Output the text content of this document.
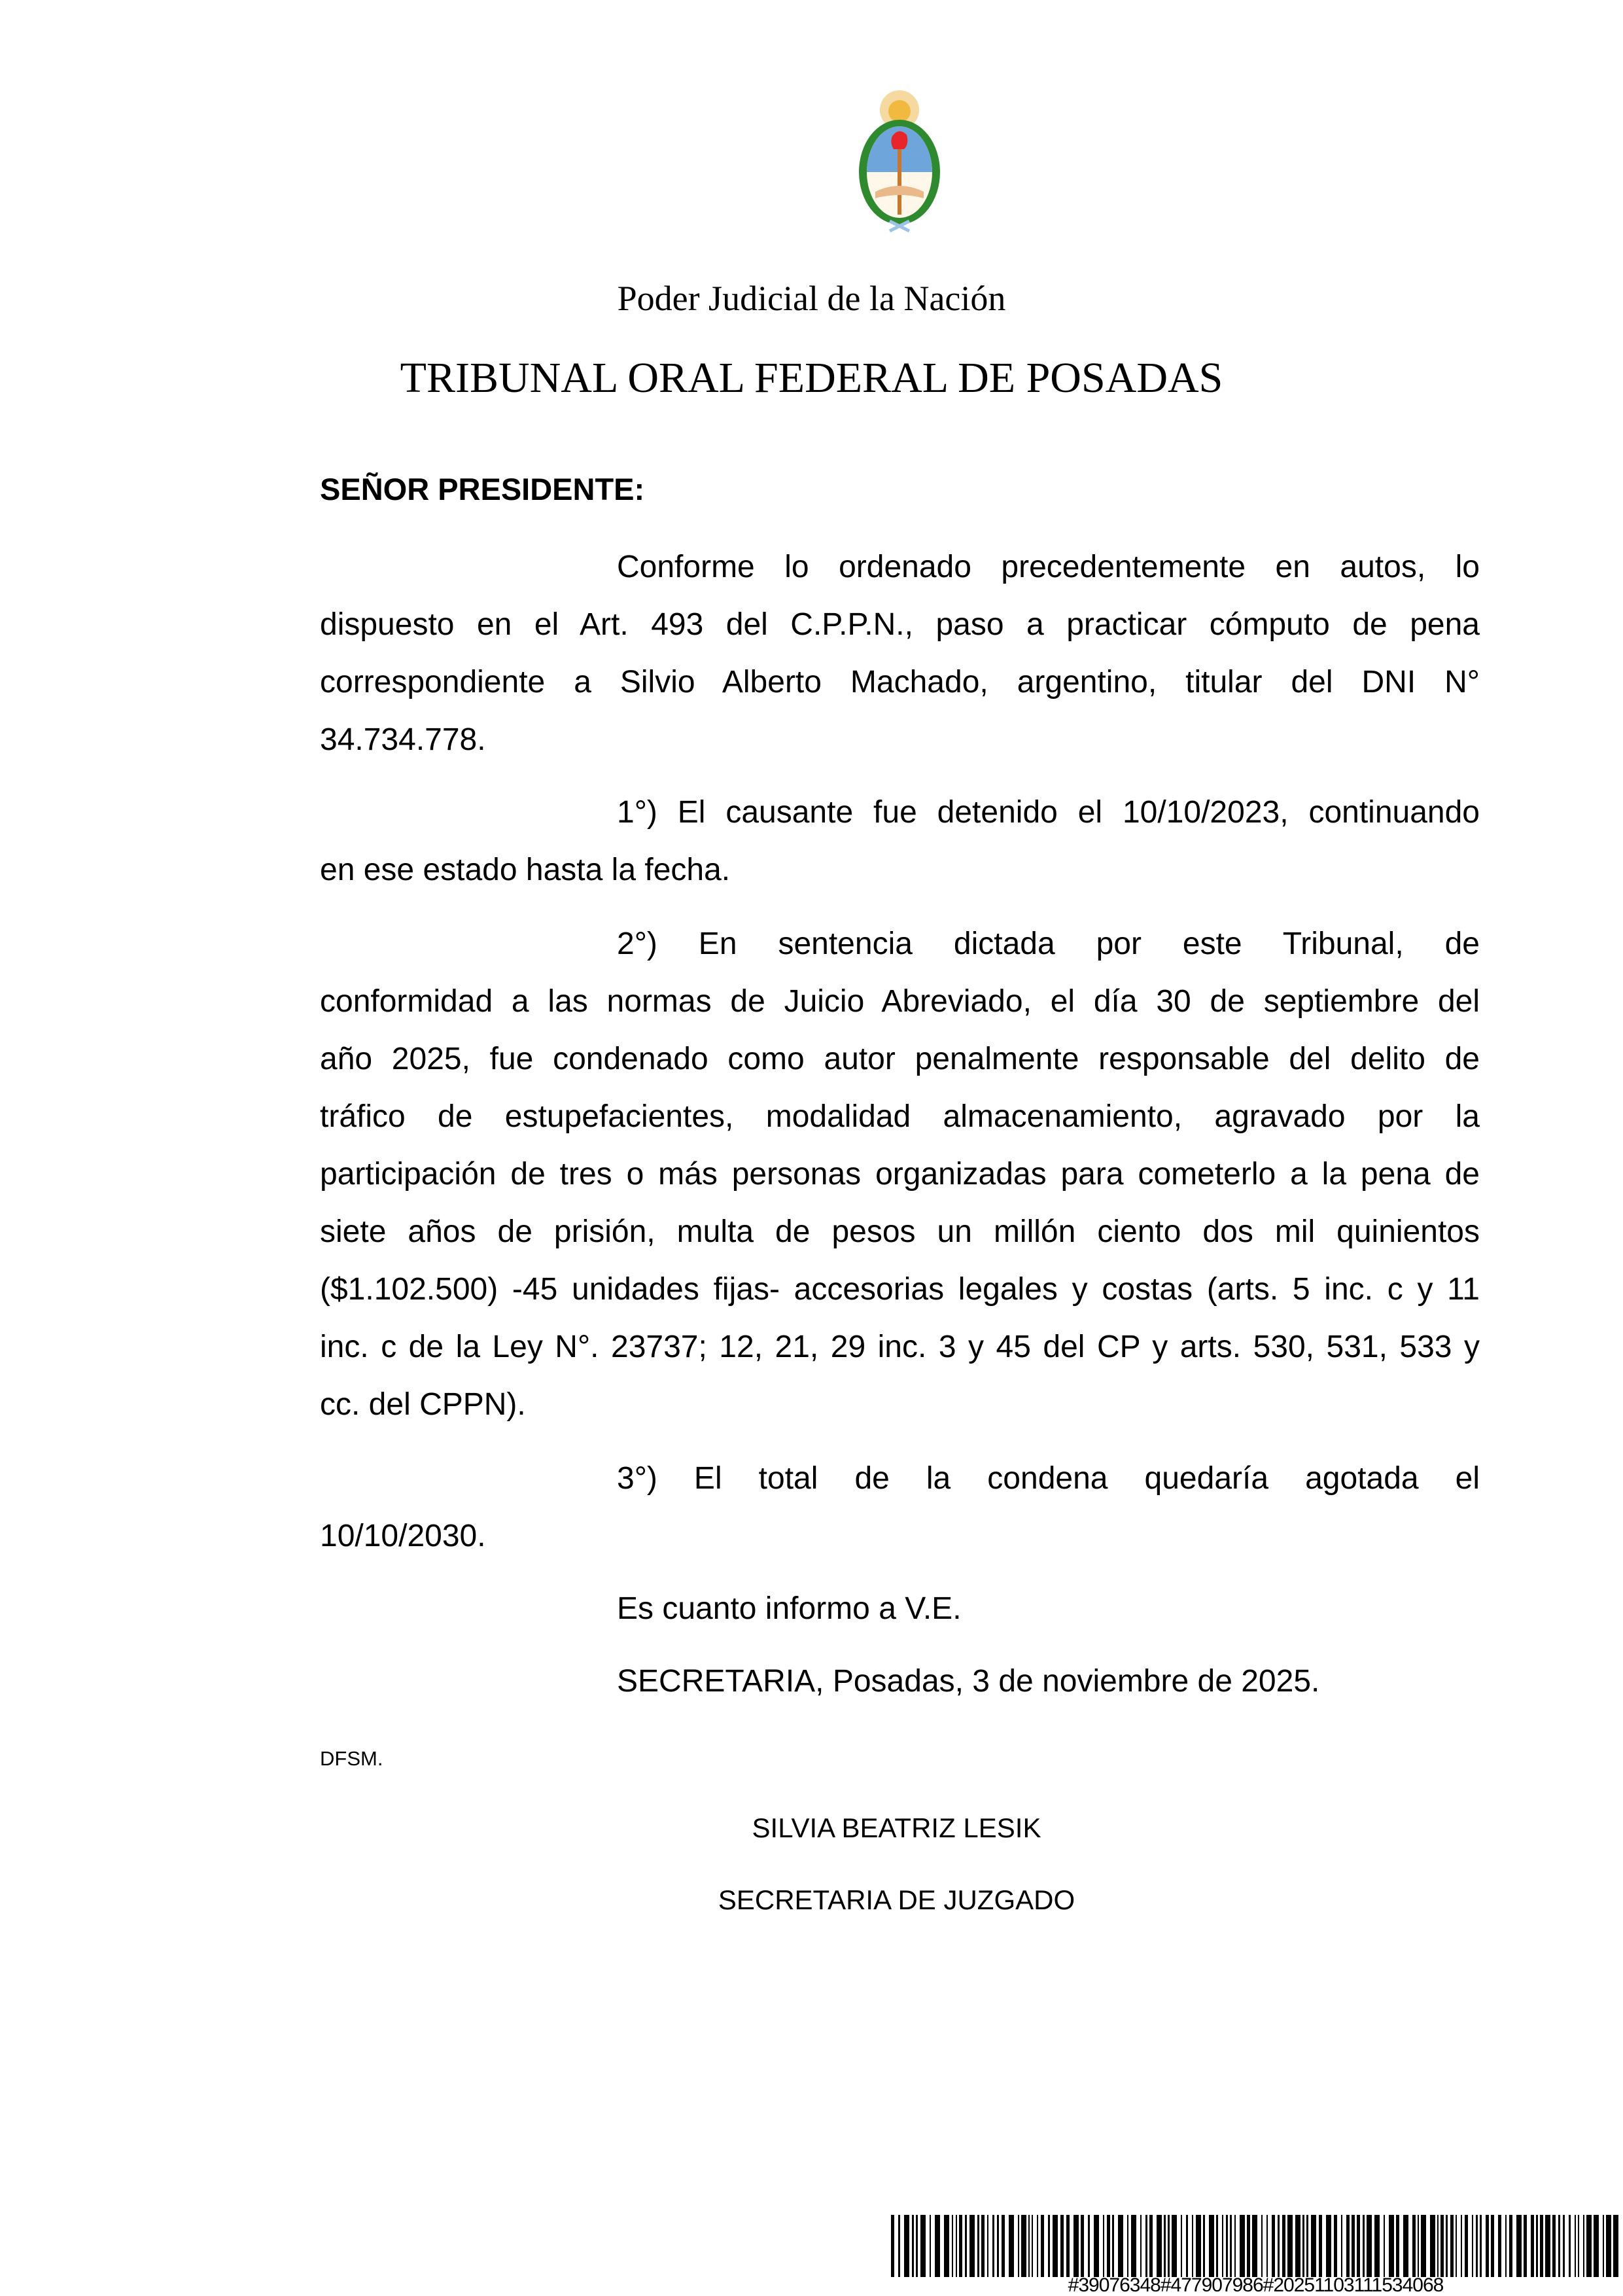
Poder Judicial de la Nación
TRIBUNAL ORAL FEDERAL DE POSADAS
SEÑOR PRESIDENTE:
Conforme lo ordenado precedentemente en autos, lo
dispuesto en el Art. 493 del C.P.P.N., paso a practicar cómputo de pena
correspondiente a Silvio Alberto Machado, argentino, titular del DNI N°
34.734.778.
1°) El causante fue detenido el 10/10/2023, continuando
en ese estado hasta la fecha.
2°) En sentencia dictada por este Tribunal, de
conformidad a las normas de Juicio Abreviado, el día 30 de septiembre del
año 2025, fue condenado como autor penalmente responsable del delito de
tráfico de estupefacientes, modalidad almacenamiento, agravado por la
participación de tres o más personas organizadas para cometerlo a la pena de
siete años de prisión, multa de pesos un millón ciento dos mil quinientos
($1.102.500) -45 unidades fijas- accesorias legales y costas (arts. 5 inc. c y 11
inc. c de la Ley N°. 23737; 12, 21, 29 inc. 3 y 45 del CP y arts. 530, 531, 533 y
cc. del CPPN).
3°) El total de la condena quedaría agotada el
10/10/2030.
Es cuanto informo a V.E.
SECRETARIA, Posadas, 3 de noviembre de 2025.
DFSM.
SILVIA BEATRIZ LESIK
SECRETARIA DE JUZGADO
#39076348#477907986#20251103111534068
